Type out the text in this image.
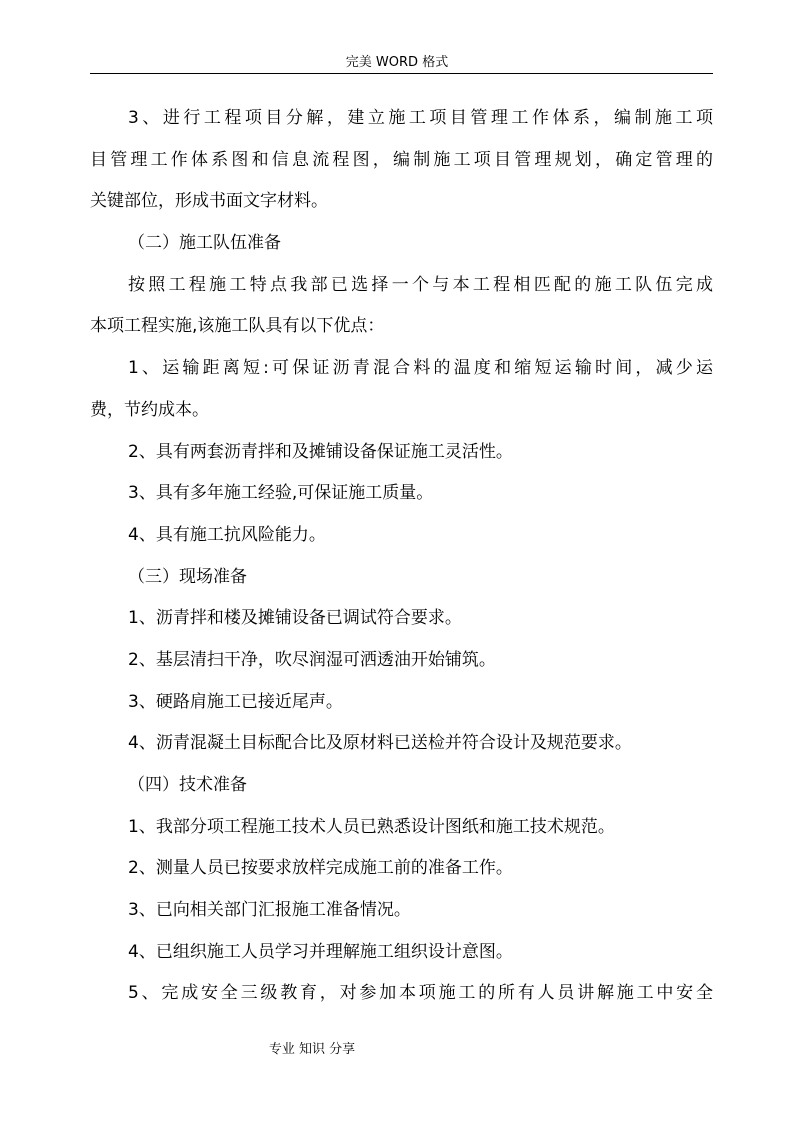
完美 WORD 格式
3、进行工程项目分解，建立施工项目管理工作体系，编制施工项
目管理工作体系图和信息流程图，编制施工项目管理规划，确定管理的
关键部位，形成书面文字材料。
（二）施工队伍准备
按照工程施工特点我部已选择一个与本工程相匹配的施工队伍完成
本项工程实施,该施工队具有以下优点：
1、运输距离短:可保证沥青混合料的温度和缩短运输时间，减少运
费，节约成本。
2、具有两套沥青拌和及摊铺设备保证施工灵活性。
3、具有多年施工经验,可保证施工质量。
4、具有施工抗风险能力。
（三）现场准备
1、沥青拌和楼及摊铺设备已调试符合要求。
2、基层清扫干净，吹尽润湿可洒透油开始铺筑。
3、硬路肩施工已接近尾声。
4、沥青混凝土目标配合比及原材料已送检并符合设计及规范要求。
（四）技术准备
1、我部分项工程施工技术人员已熟悉设计图纸和施工技术规范。
2、测量人员已按要求放样完成施工前的准备工作。
3、已向相关部门汇报施工准备情况。
4、已组织施工人员学习并理解施工组织设计意图。
5、完成安全三级教育，对参加本项施工的所有人员讲解施工中安全
专业 知识 分享
